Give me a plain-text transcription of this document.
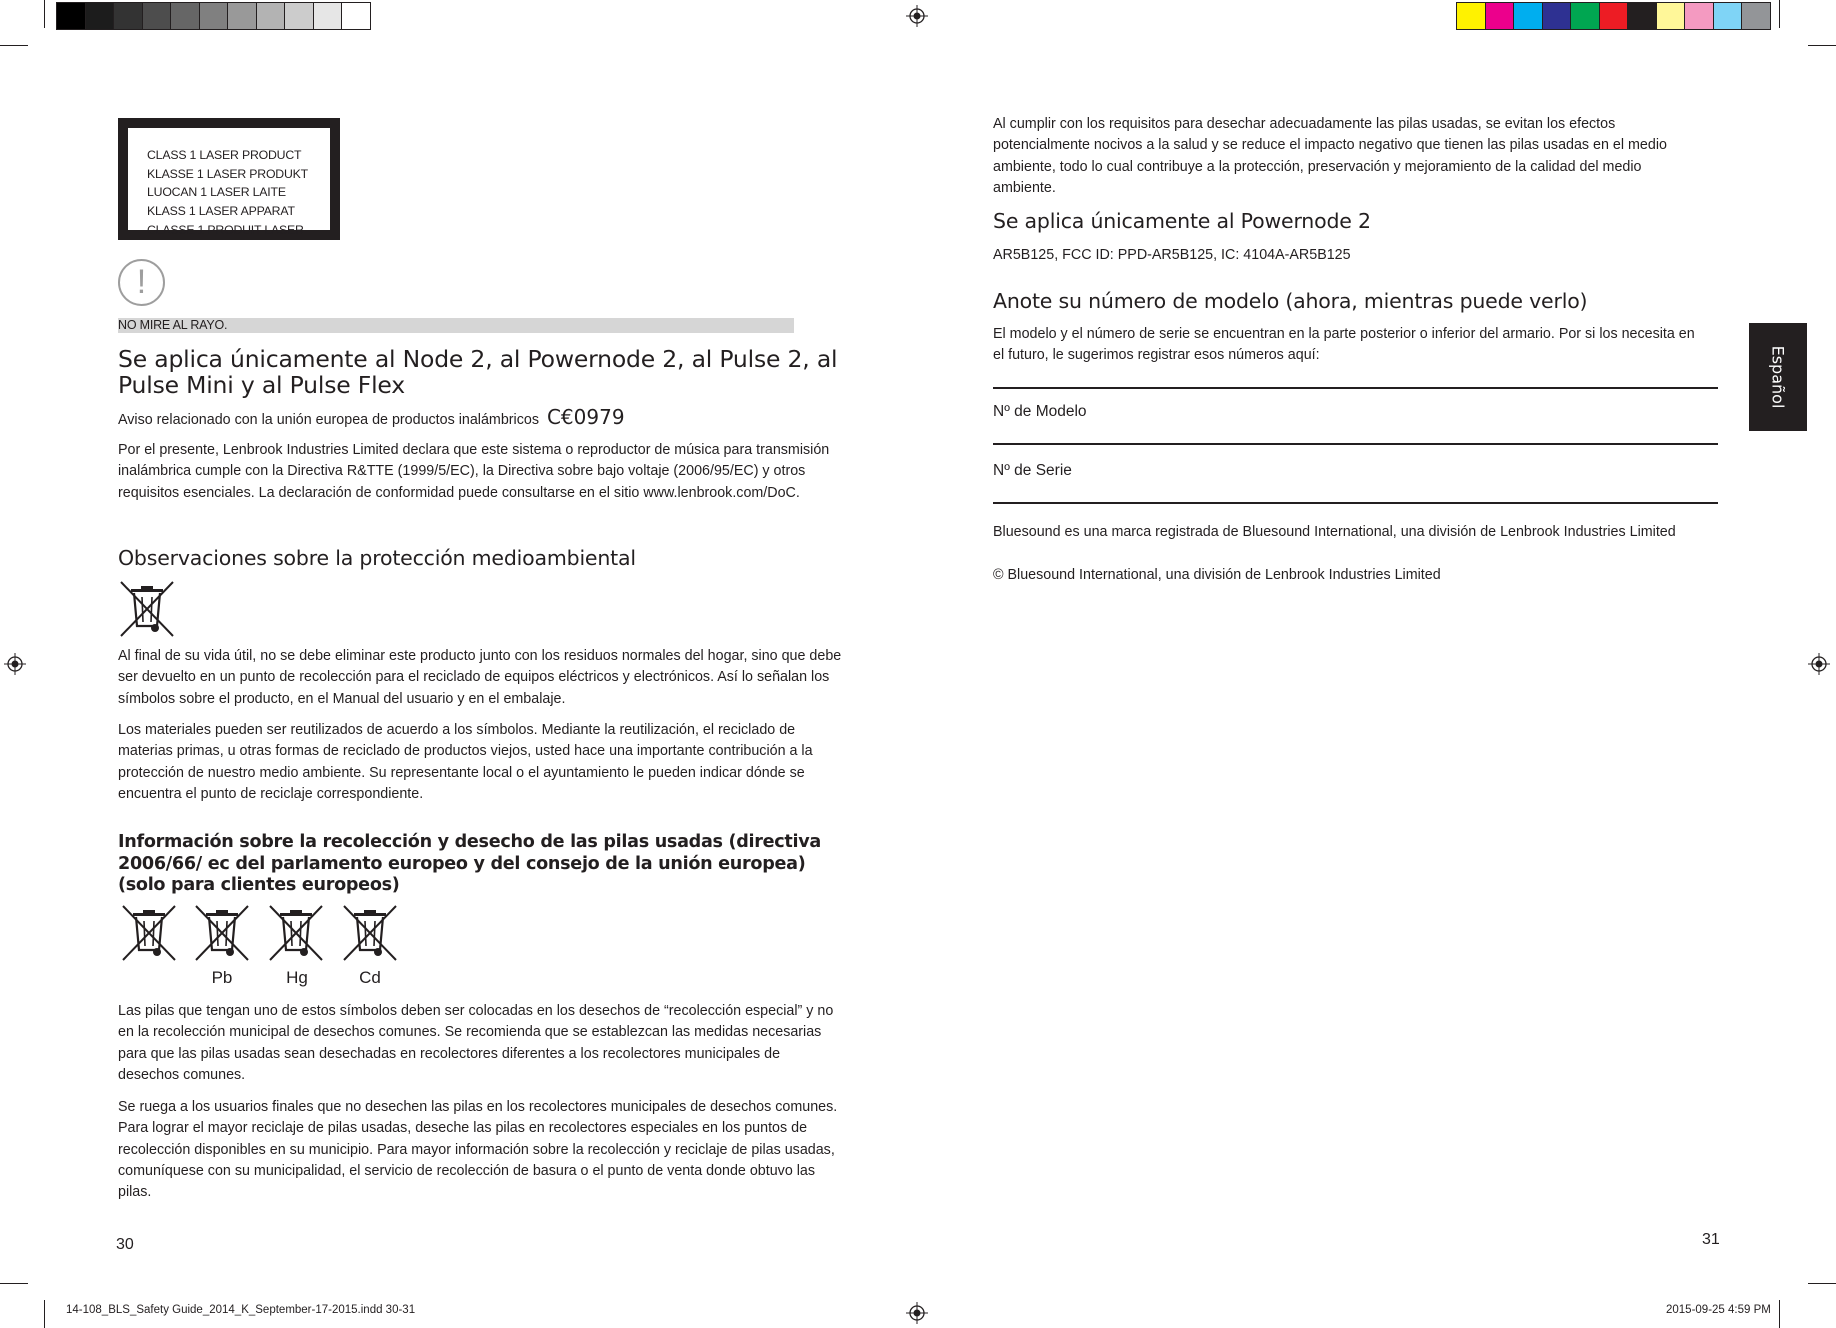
14-108_BLS_Safety Guide_2014_K_September-17-2015.indd 30-31	2015-09-25 4:59 PM
CLASS 1 LASER PRODUCT
KLASSE 1 LASER PRODUKT
LUOCAN 1 LASER LAITE
KLASS 1 LASER APPARAT
CLASSE 1 PRODUIT LASER
!
NO MIRE AL RAYO.
Se aplica únicamente al Node 2, al Powernode 2, al Pulse 2, al Pulse Mini y al Pulse Flex
Aviso relacionado con la unión europea de productos inalámbricos C€0979

Por el presente, Lenbrook Industries Limited declara que este sistema o reproductor de música para transmisión inalámbrica cumple con la Directiva R&TTE (1999/5/EC), la Directiva sobre bajo voltaje (2006/95/EC) y otros requisitos esenciales. La declaración de conformidad puede consultarse en el sitio www.lenbrook.com/DoC.

Observaciones sobre la protección medioambiental

Al final de su vida útil, no se debe eliminar este producto junto con los residuos normales del hogar, sino que debe ser devuelto en un punto de recolección para el reciclado de equipos eléctricos y electrónicos. Así lo señalan los símbolos sobre el producto, en el Manual del usuario y en el embalaje.

Los materiales pueden ser reutilizados de acuerdo a los símbolos. Mediante la reutilización, el reciclado de materias primas, u otras formas de reciclado de productos viejos, usted hace una importante contribución a la protección de nuestro medio ambiente. Su representante local o el ayuntamiento le pueden indicar dónde se encuentra el punto de reciclaje correspondiente.

Información sobre la recolección y desecho de las pilas usadas (directiva 2006/66/ ec del parlamento europeo y del consejo de la unión europea) (solo para clientes europeos)
Pb	Hg	Cd

Las pilas que tengan uno de estos símbolos deben ser colocadas en los desechos de “recolección especial” y no en la recolección municipal de desechos comunes. Se recomienda que se establezcan las medidas necesarias para que las pilas usadas sean desechadas en recolectores diferentes a los recolectores municipales de desechos comunes.

Se ruega a los usuarios finales que no desechen las pilas en los recolectores municipales de desechos comunes. Para lograr el mayor reciclaje de pilas usadas, deseche las pilas en recolectores especiales en los puntos de recolección disponibles en su municipio. Para mayor información sobre la recolección y reciclaje de pilas usadas, comuníquese con su municipalidad, el servicio de recolección de basura o el punto de venta donde obtuvo las pilas.

30

Al cumplir con los requisitos para desechar adecuadamente las pilas usadas, se evitan los efectos potencialmente nocivos a la salud y se reduce el impacto negativo que tienen las pilas usadas en el medio ambiente, todo lo cual contribuye a la protección, preservación y mejoramiento de la calidad del medio ambiente.

Se aplica únicamente al Powernode 2
AR5B125, FCC ID: PPD-AR5B125, IC: 4104A-AR5B125
Anote su número de modelo (ahora, mientras puede verlo)

El modelo y el número de serie se encuentran en la parte posterior o inferior del armario. Por si los necesita en el futuro, le sugerimos registrar esos números aquí:

Nº de Modelo
Nº de Serie

Bluesound es una marca registrada de Bluesound International, una división de Lenbrook Industries Limited

© Bluesound International, una división de Lenbrook Industries Limited

Español
31
